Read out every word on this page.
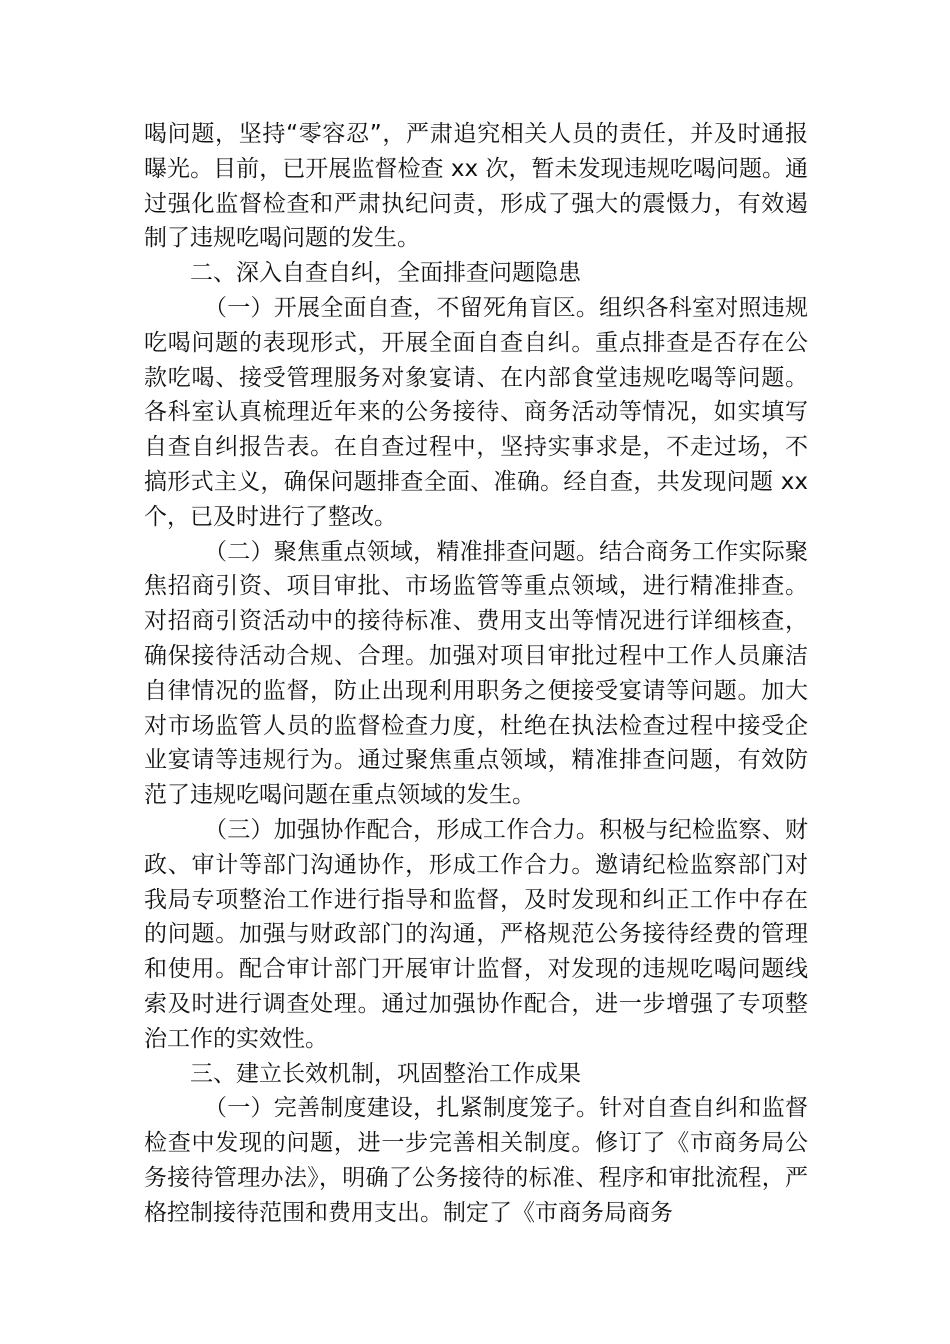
喝问题，坚持“零容忍”，严肃追究相关人员的责任，并及时通报曝光。目前，已开展监督检查 xx 次，暂未发现违规吃喝问题。通过强化监督检查和严肃执纪问责，形成了强大的震慑力，有效遏制了违规吃喝问题的发生。

二、深入自查自纠，全面排查问题隐患

（一）开展全面自查，不留死角盲区。组织各科室对照违规吃喝问题的表现形式，开展全面自查自纠。重点排查是否存在公款吃喝、接受管理服务对象宴请、在内部食堂违规吃喝等问题。各科室认真梳理近年来的公务接待、商务活动等情况，如实填写自查自纠报告表。在自查过程中，坚持实事求是，不走过场，不搞形式主义，确保问题排查全面、准确。经自查，共发现问题 xx 个，已及时进行了整改。

（二）聚焦重点领域，精准排查问题。结合商务工作实际聚焦招商引资、项目审批、市场监管等重点领域，进行精准排查。对招商引资活动中的接待标准、费用支出等情况进行详细核查，确保接待活动合规、合理。加强对项目审批过程中工作人员廉洁自律情况的监督，防止出现利用职务之便接受宴请等问题。加大对市场监管人员的监督检查力度，杜绝在执法检查过程中接受企业宴请等违规行为。通过聚焦重点领域，精准排查问题，有效防范了违规吃喝问题在重点领域的发生。

（三）加强协作配合，形成工作合力。积极与纪检监察、财政、审计等部门沟通协作，形成工作合力。邀请纪检监察部门对我局专项整治工作进行指导和监督，及时发现和纠正工作中存在的问题。加强与财政部门的沟通，严格规范公务接待经费的管理和使用。配合审计部门开展审计监督，对发现的违规吃喝问题线索及时进行调查处理。通过加强协作配合，进一步增强了专项整治工作的实效性。

三、建立长效机制，巩固整治工作成果

（一）完善制度建设，扎紧制度笼子。针对自查自纠和监督检查中发现的问题，进一步完善相关制度。修订了《市商务局公务接待管理办法》，明确了公务接待的标准、程序和审批流程，严格控制接待范围和费用支出。制定了《市商务局商务
